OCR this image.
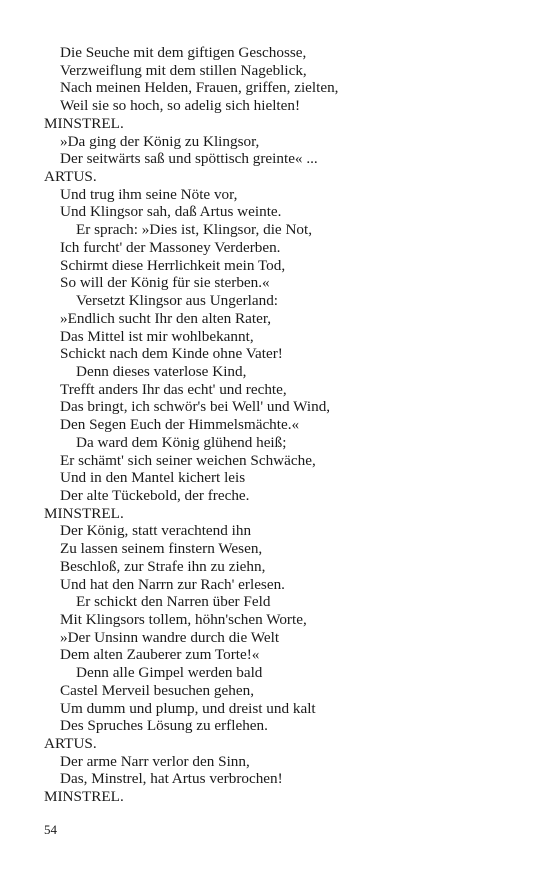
Die Seuche mit dem giftigen Geschosse,
Verzweiflung mit dem stillen Nageblick,
Nach meinen Helden, Frauen, griffen, zielten,
Weil sie so hoch, so adelig sich hielten!
MINSTREL.
»Da ging der König zu Klingsor,
Der seitwärts saß und spöttisch greinte« ...
ARTUS.
Und trug ihm seine Nöte vor,
Und Klingsor sah, daß Artus weinte.
Er sprach: »Dies ist, Klingsor, die Not,
Ich furcht' der Massoney Verderben.
Schirmt diese Herrlichkeit mein Tod,
So will der König für sie sterben.«
Versetzt Klingsor aus Ungerland:
»Endlich sucht Ihr den alten Rater,
Das Mittel ist mir wohlbekannt,
Schickt nach dem Kinde ohne Vater!
Denn dieses vaterlose Kind,
Trefft anders Ihr das echt' und rechte,
Das bringt, ich schwör's bei Well' und Wind,
Den Segen Euch der Himmelsmächte.«
Da ward dem König glühend heiß;
Er schämt' sich seiner weichen Schwäche,
Und in den Mantel kichert leis
Der alte Tückebold, der freche.
MINSTREL.
Der König, statt verachtend ihn
Zu lassen seinem finstern Wesen,
Beschloß, zur Strafe ihn zu ziehn,
Und hat den Narrn zur Rach' erlesen.
Er schickt den Narren über Feld
Mit Klingsors tollem, höhn'schen Worte,
»Der Unsinn wandre durch die Welt
Dem alten Zauberer zum Torte!«
Denn alle Gimpel werden bald
Castel Merveil besuchen gehen,
Um dumm und plump, und dreist und kalt
Des Spruches Lösung zu erflehen.
ARTUS.
Der arme Narr verlor den Sinn,
Das, Minstrel, hat Artus verbrochen!
MINSTREL.
54
